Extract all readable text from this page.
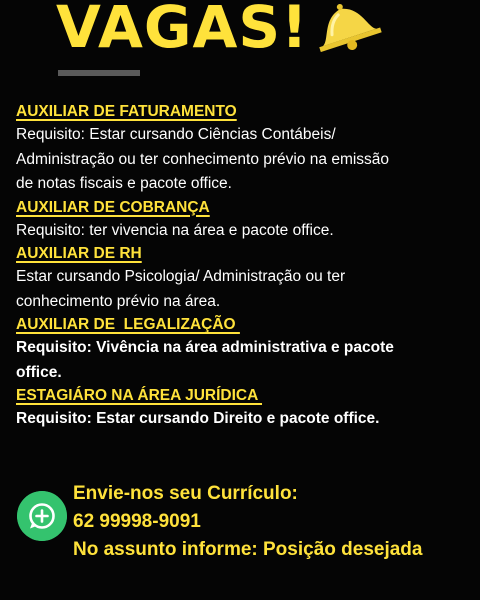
VAGAS!

AUXILIAR DE FATURAMENTO

Requisito: Estar cursando Ciências Contábeis/

Administração ou ter conhecimento prévio na emissão

de notas fiscais e pacote office.

AUXILIAR DE COBRANÇA

Requisito: ter vivencia na área e pacote office.

AUXILIAR DE RH

Estar cursando Psicologia/ Administração ou ter

conhecimento prévio na área.

AUXILIAR DE  LEGALIZAÇÃO

Requisito: Vivência na área administrativa e pacote

office.

ESTAGIÁRO NA ÁREA JURÍDICA

Requisito: Estar cursando Direito e pacote office.

Envie-nos seu Currículo:

62 99998-9091

No assunto informe: Posição desejada
